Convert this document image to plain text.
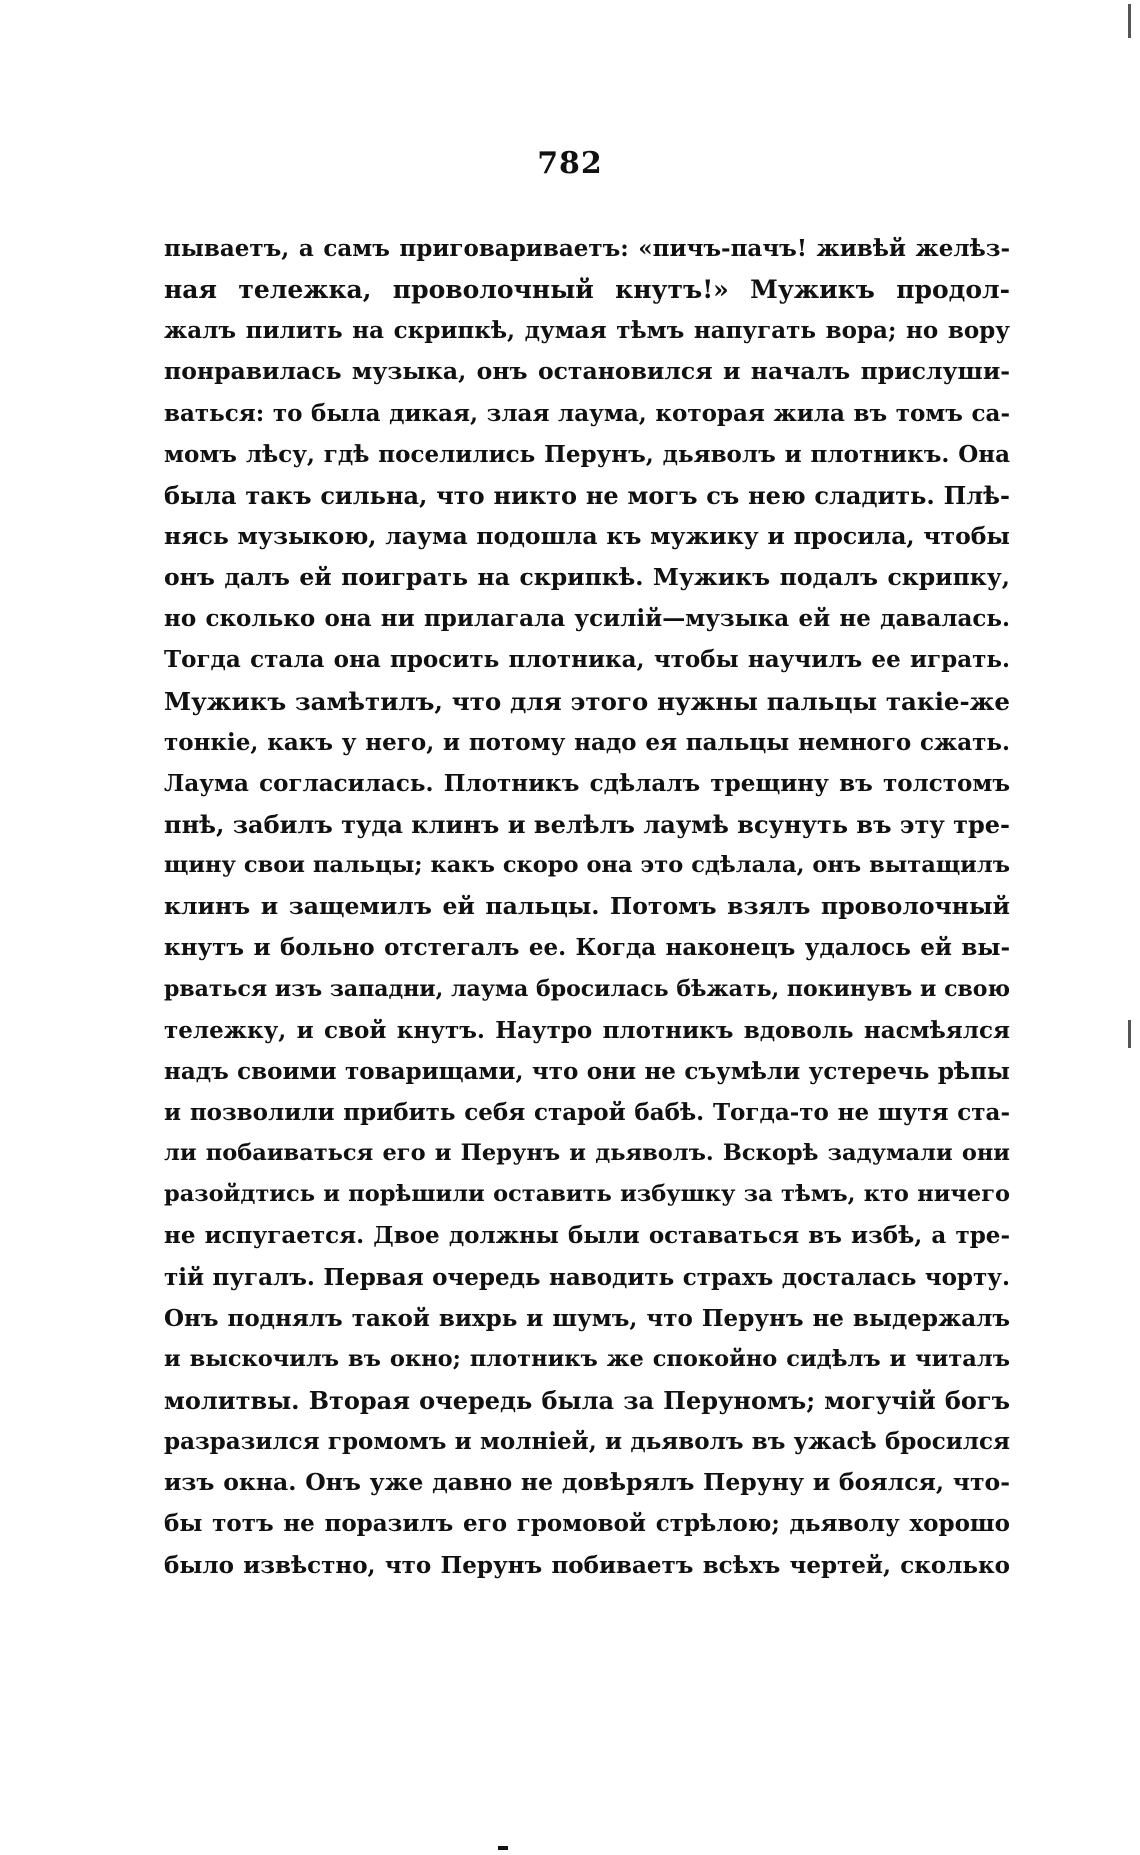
782
пываетъ, а самъ приговариваетъ: «пичъ-пачъ! живѣй желѣз-
ная тележка, проволочный кнутъ!» Мужикъ продол-
жалъ пилить на скрипкѣ, думая тѣмъ напугать вора; но вору
понравилась музыка, онъ остановился и началъ прислуши-
ваться: то была дикая, злая лаума, которая жила въ томъ са-
момъ лѣсу, гдѣ поселились Перунъ, дьяволъ и плотникъ. Она
была такъ сильна, что никто не могъ съ нею сладить. Плѣ-
нясь музыкою, лаума подошла къ мужику и просила, чтобы
онъ далъ ей поиграть на скрипкѣ. Мужикъ подалъ скрипку,
но сколько она ни прилагала усилій—музыка ей не давалась.
Тогда стала она просить плотника, чтобы научилъ ее играть.
Мужикъ замѣтилъ, что для этого нужны пальцы такіе-же
тонкіе, какъ у него, и потому надо ея пальцы немного сжать.
Лаума согласилась. Плотникъ сдѣлалъ трещину въ толстомъ
пнѣ, забилъ туда клинъ и велѣлъ лаумѣ всунуть въ эту тре-
щину свои пальцы; какъ скоро она это сдѣлала, онъ вытащилъ
клинъ и защемилъ ей пальцы. Потомъ взялъ проволочный
кнутъ и больно отстегалъ ее. Когда наконецъ удалось ей вы-
рваться изъ западни, лаума бросилась бѣжать, покинувъ и свою
тележку, и свой кнутъ. Наутро плотникъ вдоволь насмѣялся
надъ своими товарищами, что они не съумѣли устеречь рѣпы
и позволили прибить себя старой бабѣ. Тогда-то не шутя ста-
ли побаиваться его и Перунъ и дьяволъ. Вскорѣ задумали они
разойдтись и порѣшили оставить избушку за тѣмъ, кто ничего
не испугается. Двое должны были оставаться въ избѣ, а тре-
тій пугалъ. Первая очередь наводить страхъ досталась чорту.
Онъ поднялъ такой вихрь и шумъ, что Перунъ не выдержалъ
и выскочилъ въ окно; плотникъ же спокойно сидѣлъ и читалъ
молитвы. Вторая очередь была за Перуномъ; могучій богъ
разразился громомъ и молніей, и дьяволъ въ ужасѣ бросился
изъ окна. Онъ уже давно не довѣрялъ Перуну и боялся, что-
бы тотъ не поразилъ его громовой стрѣлою; дьяволу хорошо
было извѣстно, что Перунъ побиваетъ всѣхъ чертей, сколько
